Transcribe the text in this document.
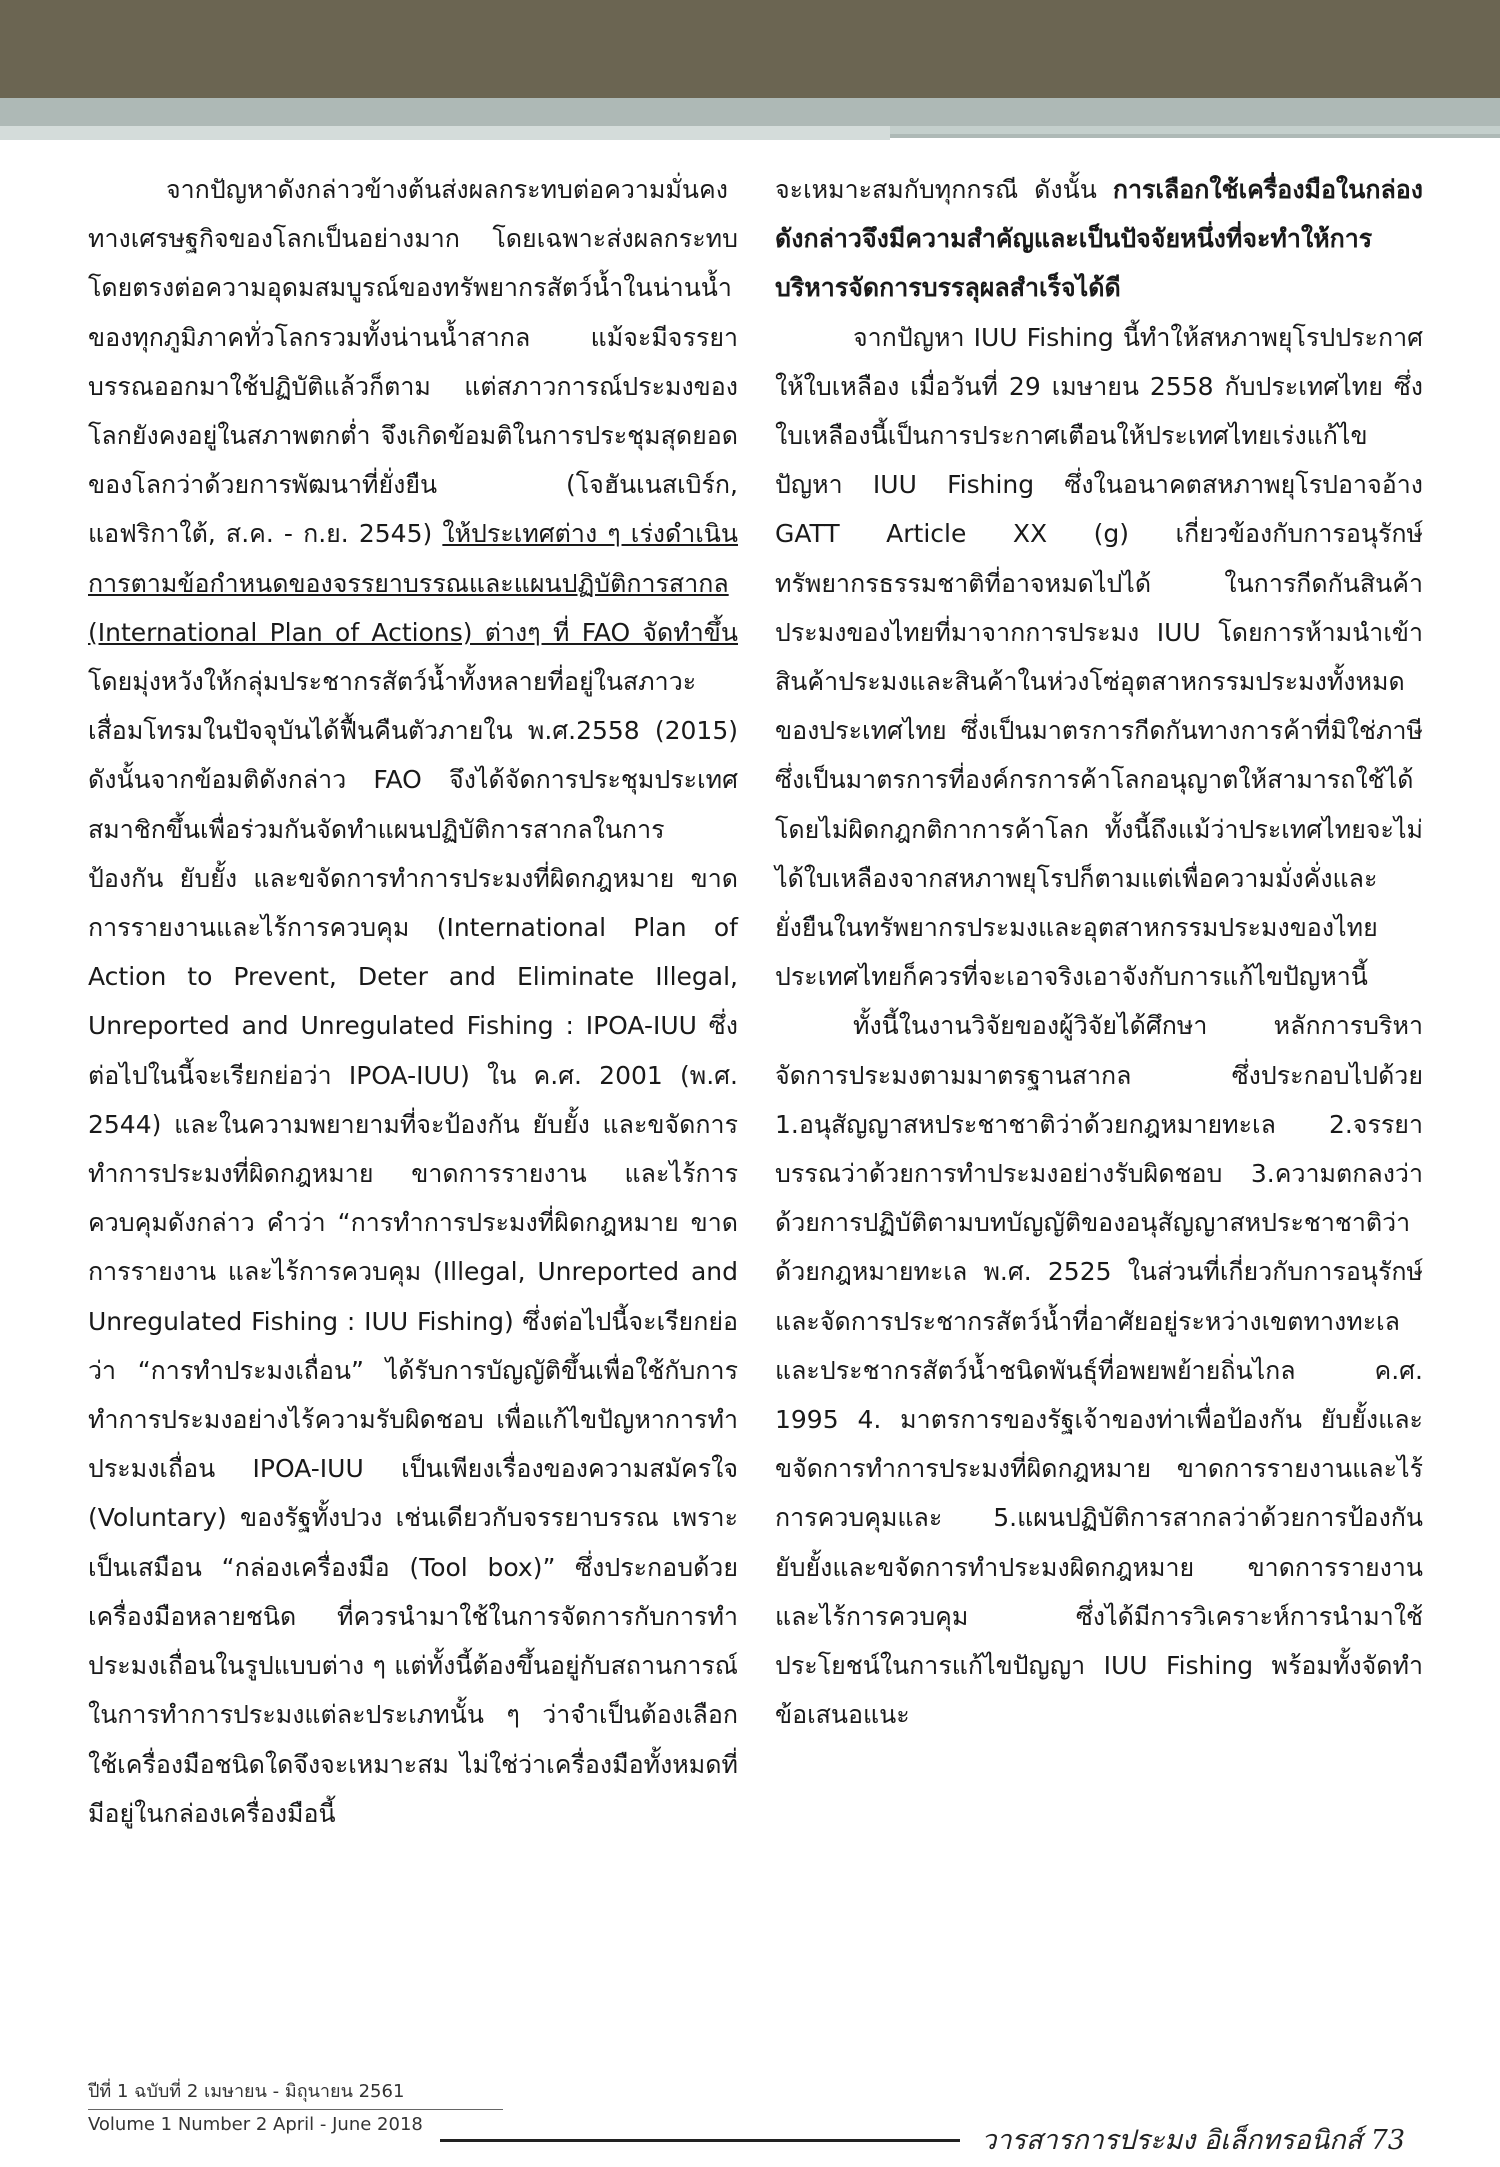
จากปัญหาดังกล่าวข้างต้นส่งผลกระทบต่อความมั่นคงทางเศรษฐกิจของโลกเป็นอย่างมาก โดยเฉพาะส่งผลกระทบโดยตรงต่อความอุดมสมบูรณ์ของทรัพยากรสัตว์น้ำในน่านน้ำของทุกภูมิภาคทั่วโลกรวมทั้งน่านน้ำสากล แม้จะมีจรรยาบรรณออกมาใช้ปฏิบัติแล้วก็ตาม แต่สภาวการณ์ประมงของโลกยังคงอยู่ในสภาพตกต่ำ จึงเกิดข้อมติในการประชุมสุดยอดของโลกว่าด้วยการพัฒนาที่ยั่งยืน (โจฮันเนสเบิร์ก, แอฟริกาใต้, ส.ค. - ก.ย. 2545) ให้ประเทศต่าง ๆ เร่งดำเนินการตามข้อกำหนดของจรรยาบรรณและแผนปฏิบัติการสากล (International Plan of Actions) ต่างๆ ที่ FAO จัดทำขึ้น โดยมุ่งหวังให้กลุ่มประชากรสัตว์น้ำทั้งหลายที่อยู่ในสภาวะเสื่อมโทรมในปัจจุบันได้ฟื้นคืนตัวภายใน พ.ศ.2558 (2015) ดังนั้นจากข้อมติดังกล่าว FAO จึงได้จัดการประชุมประเทศสมาชิกขึ้นเพื่อร่วมกันจัดทำแผนปฏิบัติการสากลในการป้องกัน ยับยั้ง และขจัดการทำการประมงที่ผิดกฎหมาย ขาดการรายงานและไร้การควบคุม (International Plan of Action to Prevent, Deter and Eliminate Illegal, Unreported and Unregulated Fishing : IPOA-IUU ซึ่งต่อไปในนี้จะเรียกย่อว่า IPOA-IUU) ใน ค.ศ. 2001 (พ.ศ. 2544) และในความพยายามที่จะป้องกัน ยับยั้ง และขจัดการทำการประมงที่ผิดกฎหมาย ขาดการรายงาน และไร้การควบคุมดังกล่าว คำว่า “การทำการประมงที่ผิดกฎหมาย ขาดการรายงาน และไร้การควบคุม (Illegal, Unreported and Unregulated Fishing : IUU Fishing) ซึ่งต่อไปนี้จะเรียกย่อว่า “การทำประมงเถื่อน” ได้รับการบัญญัติขึ้นเพื่อใช้กับการทำการประมงอย่างไร้ความรับผิดชอบ เพื่อแก้ไขปัญหาการทำประมงเถื่อน IPOA-IUU เป็นเพียงเรื่องของความสมัครใจ (Voluntary) ของรัฐทั้งปวง เช่นเดียวกับจรรยาบรรณ เพราะเป็นเสมือน “กล่องเครื่องมือ (Tool box)” ซึ่งประกอบด้วยเครื่องมือหลายชนิด ที่ควรนำมาใช้ในการจัดการกับการทำประมงเถื่อนในรูปแบบต่าง ๆ แต่ทั้งนี้ต้องขึ้นอยู่กับสถานการณ์ในการทำการประมงแต่ละประเภทนั้น ๆ ว่าจำเป็นต้องเลือกใช้เครื่องมือชนิดใดจึงจะเหมาะสม ไม่ใช่ว่าเครื่องมือทั้งหมดที่มีอยู่ในกล่องเครื่องมือนี้

จะเหมาะสมกับทุกกรณี ดังนั้น การเลือกใช้เครื่องมือในกล่องดังกล่าวจึงมีความสำคัญและเป็นปัจจัยหนึ่งที่จะทำให้การบริหารจัดการบรรลุผลสำเร็จได้ดี

จากปัญหา IUU Fishing นี้ทำให้สหภาพยุโรปประกาศให้ใบเหลือง เมื่อวันที่ 29 เมษายน 2558 กับประเทศไทย ซึ่งใบเหลืองนี้เป็นการประกาศเตือนให้ประเทศไทยเร่งแก้ไขปัญหา IUU Fishing ซึ่งในอนาคตสหภาพยุโรปอาจอ้าง GATT Article XX (g) เกี่ยวข้องกับการอนุรักษ์ทรัพยากรธรรมชาติที่อาจหมดไปได้ ในการกีดกันสินค้าประมงของไทยที่มาจากการประมง IUU โดยการห้ามนำเข้าสินค้าประมงและสินค้าในห่วงโซ่อุตสาหกรรมประมงทั้งหมดของประเทศไทย ซึ่งเป็นมาตรการกีดกันทางการค้าที่มิใช่ภาษี ซึ่งเป็นมาตรการที่องค์กรการค้าโลกอนุญาตให้สามารถใช้ได้โดยไม่ผิดกฎกติกาการค้าโลก ทั้งนี้ถึงแม้ว่าประเทศไทยจะไม่ได้ใบเหลืองจากสหภาพยุโรปก็ตามแต่เพื่อความมั่งคั่งและยั่งยืนในทรัพยากรประมงและอุตสาหกรรมประมงของไทย ประเทศไทยก็ควรที่จะเอาจริงเอาจังกับการแก้ไขปัญหานี้

ทั้งนี้ในงานวิจัยของผู้วิจัยได้ศึกษา หลักการบริหาจัดการประมงตามมาตรฐานสากล ซึ่งประกอบไปด้วย 1.อนุสัญญาสหประชาชาติว่าด้วยกฎหมายทะเล 2.จรรยาบรรณว่าด้วยการทำประมงอย่างรับผิดชอบ 3.ความตกลงว่าด้วยการปฏิบัติตามบทบัญญัติของอนุสัญญาสหประชาชาติว่าด้วยกฎหมายทะเล พ.ศ. 2525 ในส่วนที่เกี่ยวกับการอนุรักษ์และจัดการประชากรสัตว์น้ำที่อาศัยอยู่ระหว่างเขตทางทะเลและประชากรสัตว์น้ำชนิดพันธุ์ที่อพยพย้ายถิ่นไกล ค.ศ. 1995 4. มาตรการของรัฐเจ้าของท่าเพื่อป้องกัน ยับยั้งและขจัดการทำการประมงที่ผิดกฎหมาย ขาดการรายงานและไร้การควบคุมและ 5.แผนปฏิบัติการสากลว่าด้วยการป้องกัน ยับยั้งและขจัดการทำประมงผิดกฎหมาย ขาดการรายงาน และไร้การควบคุม ซึ่งได้มีการวิเคราะห์การนำมาใช้ประโยชน์ในการแก้ไขปัญญา IUU Fishing พร้อมทั้งจัดทำข้อเสนอแนะ

ปีที่ 1 ฉบับที่ 2 เมษายน - มิถุนายน 2561
Volume 1 Number 2 April - June 2018
วารสารการประมง อิเล็กทรอนิกส์ 73
